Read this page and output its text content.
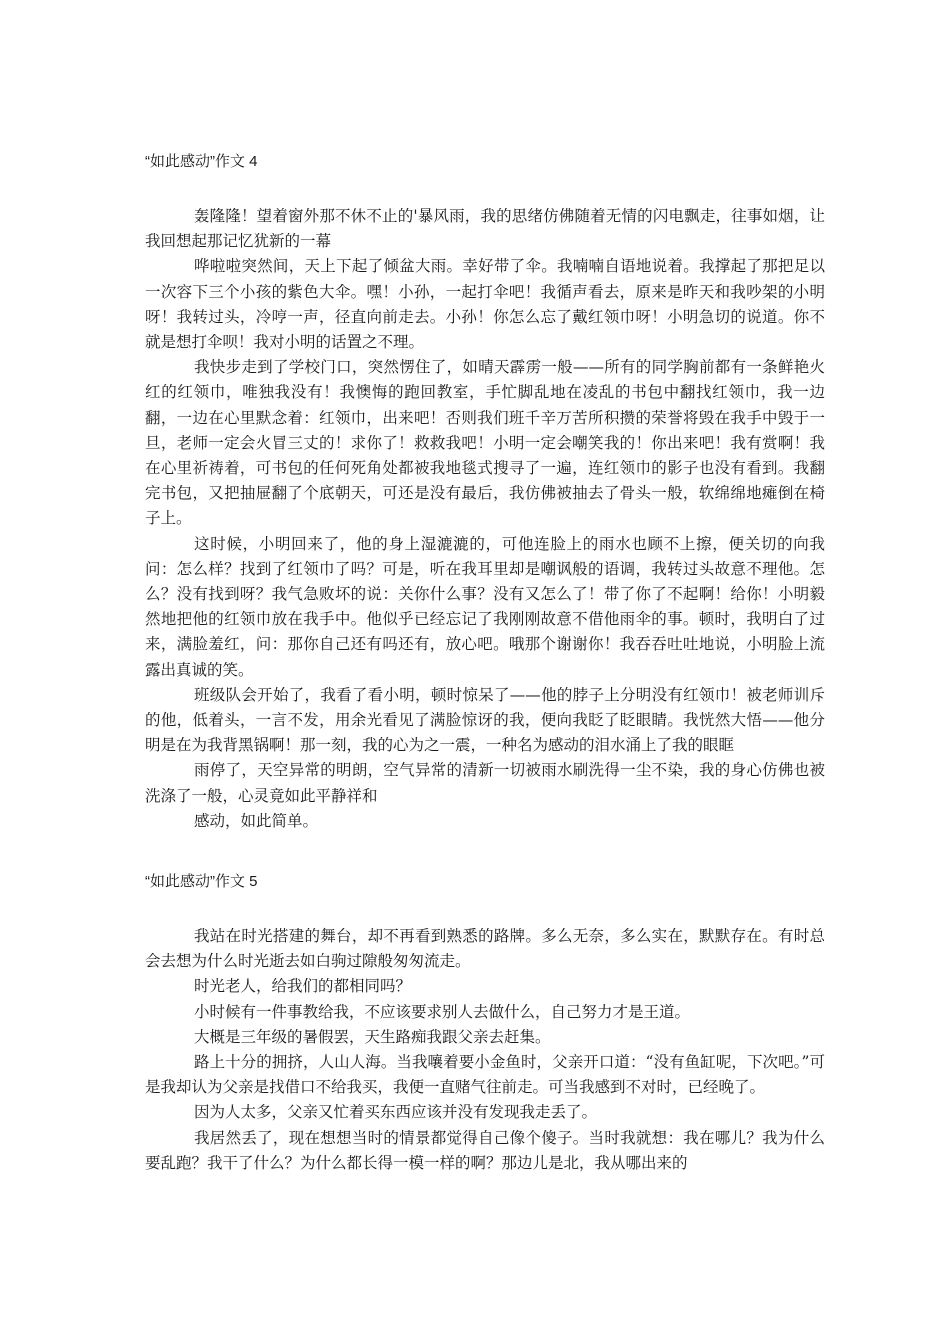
“如此感动”作文 4

轰隆隆！望着窗外那不休不止的'暴风雨，我的思绪仿佛随着无情的闪电飘走，往事如烟，让我回想起那记忆犹新的一幕

哗啦啦突然间，天上下起了倾盆大雨。幸好带了伞。我喃喃自语地说着。我撑起了那把足以一次容下三个小孩的紫色大伞。嘿！小孙，一起打伞吧！我循声看去，原来是昨天和我吵架的小明呀！我转过头，冷哼一声，径直向前走去。小孙！你怎么忘了戴红领巾呀！小明急切的说道。你不就是想打伞呗！我对小明的话置之不理。

我快步走到了学校门口，突然愣住了，如晴天霹雳一般——所有的同学胸前都有一条鲜艳火红的红领巾，唯独我没有！我懊悔的跑回教室，手忙脚乱地在凌乱的书包中翻找红领巾，我一边翻，一边在心里默念着：红领巾，出来吧！否则我们班千辛万苦所积攒的荣誉将毁在我手中毁于一旦，老师一定会火冒三丈的！求你了！救救我吧！小明一定会嘲笑我的！你出来吧！我有赏啊！我在心里祈祷着，可书包的任何死角处都被我地毯式搜寻了一遍，连红领巾的影子也没有看到。我翻完书包，又把抽屉翻了个底朝天，可还是没有最后，我仿佛被抽去了骨头一般，软绵绵地瘫倒在椅子上。

这时候，小明回来了，他的身上湿漉漉的，可他连脸上的雨水也顾不上擦，便关切的向我问：怎么样？找到了红领巾了吗？可是，听在我耳里却是嘲讽般的语调，我转过头故意不理他。怎么？没有找到呀？我气急败坏的说：关你什么事？没有又怎么了！带了你了不起啊！给你！小明毅然地把他的红领巾放在我手中。他似乎已经忘记了我刚刚故意不借他雨伞的事。顿时，我明白了过来，满脸羞红，问：那你自己还有吗还有，放心吧。哦那个谢谢你！我吞吞吐吐地说，小明脸上流露出真诚的笑。

班级队会开始了，我看了看小明，顿时惊呆了——他的脖子上分明没有红领巾！被老师训斥的他，低着头，一言不发，用余光看见了满脸惊讶的我，便向我眨了眨眼睛。我恍然大悟——他分明是在为我背黑锅啊！那一刻，我的心为之一震，一种名为感动的泪水涌上了我的眼眶

雨停了，天空异常的明朗，空气异常的清新一切被雨水刷洗得一尘不染，我的身心仿佛也被洗涤了一般，心灵竟如此平静祥和

感动，如此简单。

“如此感动”作文 5

我站在时光搭建的舞台，却不再看到熟悉的路牌。多么无奈，多么实在，默默存在。有时总会去想为什么时光逝去如白驹过隙般匆匆流走。

时光老人，给我们的都相同吗？

小时候有一件事教给我，不应该要求别人去做什么，自己努力才是王道。

大概是三年级的暑假罢，天生路痴我跟父亲去赶集。

路上十分的拥挤，人山人海。当我嚷着要小金鱼时，父亲开口道：“没有鱼缸呢，下次吧。”可是我却认为父亲是找借口不给我买，我便一直赌气往前走。可当我感到不对时，已经晚了。

因为人太多，父亲又忙着买东西应该并没有发现我走丢了。

我居然丢了，现在想想当时的情景都觉得自己像个傻子。当时我就想：我在哪儿？我为什么要乱跑？我干了什么？为什么都长得一模一样的啊？那边儿是北，我从哪出来的
